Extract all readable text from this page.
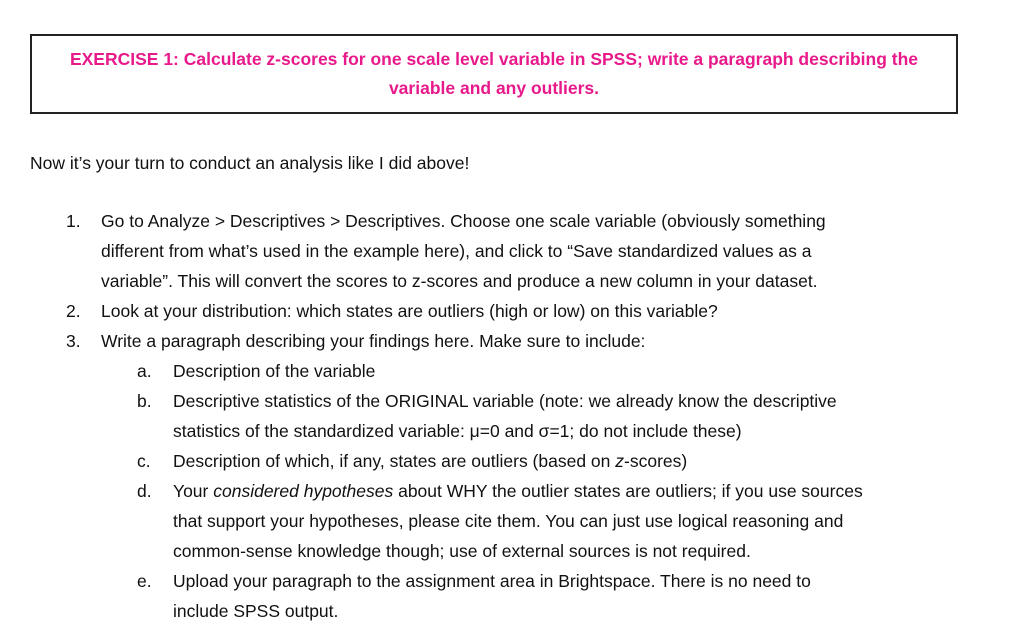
EXERCISE 1: Calculate z-scores for one scale level variable in SPSS; write a paragraph describing the
variable and any outliers.
Now it’s your turn to conduct an analysis like I did above!
1. Go to Analyze > Descriptives > Descriptives. Choose one scale variable (obviously something
different from what’s used in the example here), and click to “Save standardized values as a
variable”. This will convert the scores to z-scores and produce a new column in your dataset.
2. Look at your distribution: which states are outliers (high or low) on this variable?
3. Write a paragraph describing your findings here. Make sure to include:
a. Description of the variable
b. Descriptive statistics of the ORIGINAL variable (note: we already know the descriptive
statistics of the standardized variable: μ=0 and σ=1; do not include these)
c. Description of which, if any, states are outliers (based on z-scores)
d. Your considered hypotheses about WHY the outlier states are outliers; if you use sources
that support your hypotheses, please cite them. You can just use logical reasoning and
common-sense knowledge though; use of external sources is not required.
e. Upload your paragraph to the assignment area in Brightspace. There is no need to
include SPSS output.
